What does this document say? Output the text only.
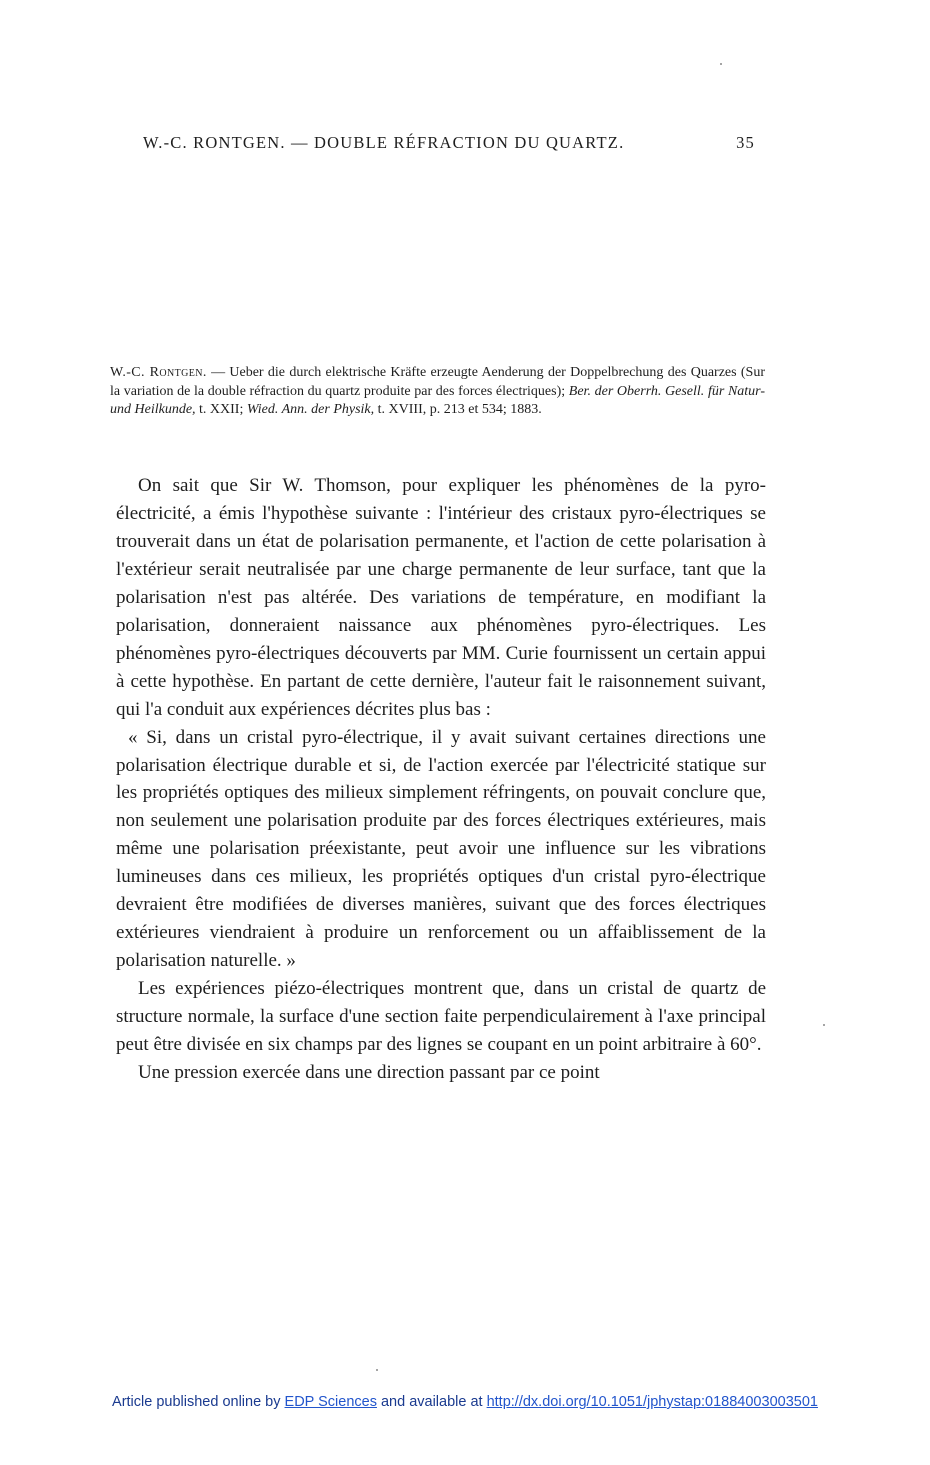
W.-C. RONTGEN. — DOUBLE RÉFRACTION DU QUARTZ.	35
W.-C. Rontgen. — Ueber die durch elektrische Kräfte erzeugte Aenderung der Doppelbrechung des Quarzes (Sur la variation de la double réfraction du quartz produite par des forces électriques); Ber. der Oberrh. Gesell. für Natur- und Heilkunde, t. XXII; Wied. Ann. der Physik, t. XVIII, p. 213 et 534; 1883.

On sait que Sir W. Thomson, pour expliquer les phénomènes de la pyro-électricité, a émis l'hypothèse suivante : l'intérieur des cristaux pyro-électriques se trouverait dans un état de polarisation permanente, et l'action de cette polarisation à l'extérieur serait neutralisée par une charge permanente de leur surface, tant que la polarisation n'est pas altérée. Des variations de température, en modifiant la polarisation, donneraient naissance aux phénomènes pyro-électriques. Les phénomènes pyro-électriques découverts par MM. Curie fournissent un certain appui à cette hypothèse. En partant de cette dernière, l'auteur fait le raisonnement suivant, qui l'a conduit aux expériences décrites plus bas :

« Si, dans un cristal pyro-électrique, il y avait suivant certaines directions une polarisation électrique durable et si, de l'action exercée par l'électricité statique sur les propriétés optiques des milieux simplement réfringents, on pouvait conclure que, non seulement une polarisation produite par des forces électriques extérieures, mais même une polarisation préexistante, peut avoir une influence sur les vibrations lumineuses dans ces milieux, les propriétés optiques d'un cristal pyro-électrique devraient être modifiées de diverses manières, suivant que des forces électriques extérieures viendraient à produire un renforcement ou un affaiblissement de la polarisation naturelle. »

Les expériences piézo-électriques montrent que, dans un cristal de quartz de structure normale, la surface d'une section faite perpendiculairement à l'axe principal peut être divisée en six champs par des lignes se coupant en un point arbitraire à 60°.

Une pression exercée dans une direction passant par ce point

Article published online by EDP Sciences and available at http://dx.doi.org/10.1051/jphystap:01884003003501
